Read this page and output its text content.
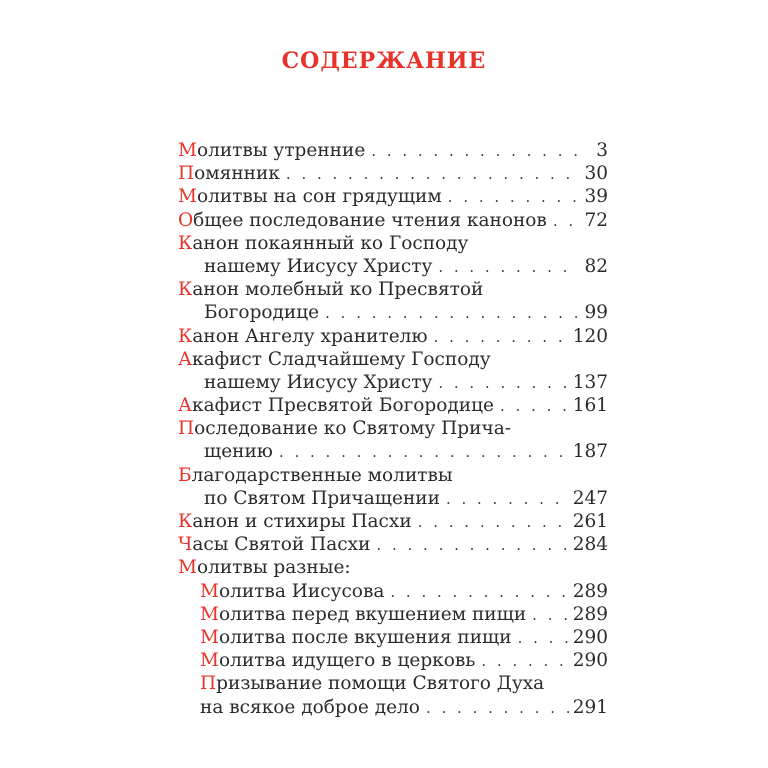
СОДЕРЖАНИЕ
Молитвы утренние . . .	3
Помянник . . .	30
Молитвы на сон грядущим . . .	39
Общее последование чтения канонов . . . 72
Канон покаянный ко Господу
нашему Иисусу Христу . . .	82
Канон молебный ко Пресвятой
Богородице . . .	99
Канон Ангелу хранителю . . .	120
Акафист Сладчайшему Господу
нашему Иисусу Христу . . .	137
Акафист Пресвятой Богородице . . .	161
Последование ко Святому Прича-
щению . . .	187
Благодарственные молитвы
по Святом Причащении . . .	247
Канон и стихиры Пасхи . . .	261
Часы Святой Пасхи . . .	284
Молитвы разные:
Молитва Иисусова . . .	289
Молитва перед вкушением пищи . . .	289
Молитва после вкушения пищи . . .	290
Молитва идущего в церковь . . .	290
Призывание помощи Святого Духа
на всякое доброе дело . . .	291
